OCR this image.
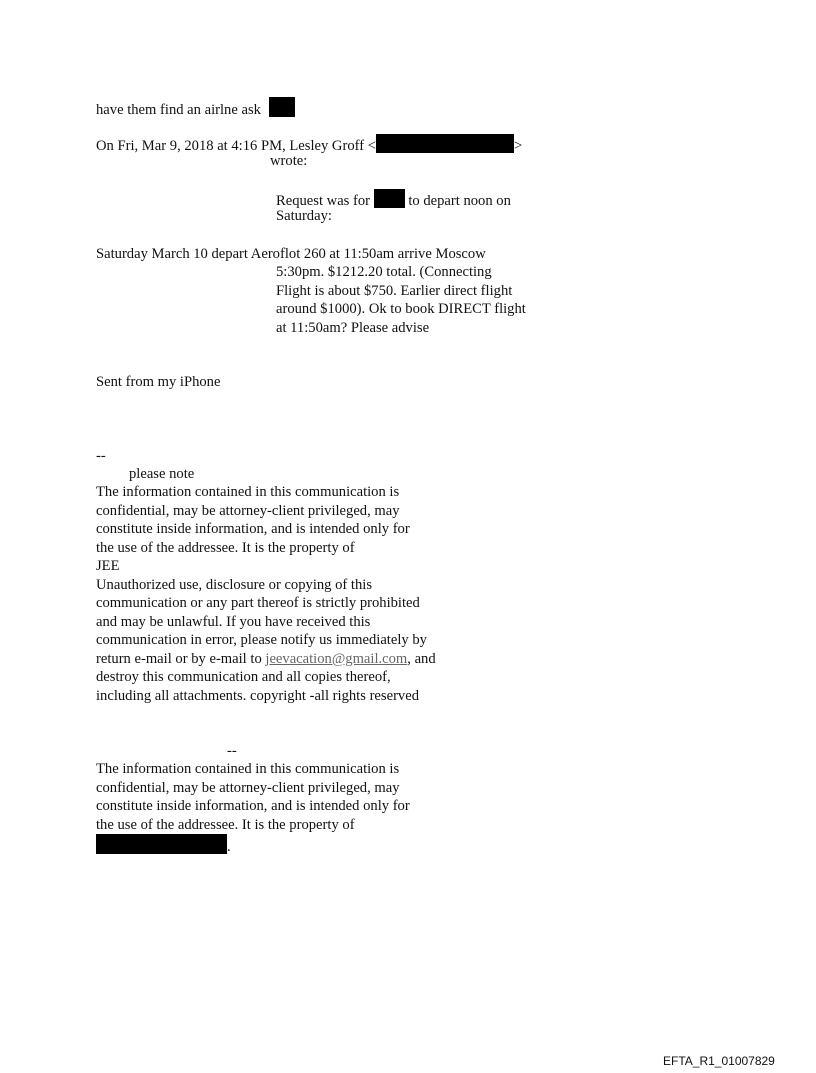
have them find an airlne ask
On Fri, Mar 9, 2018 at 4:16 PM, Lesley Groff <	>
wrote:
Request was for	to depart noon on
Saturday:
Saturday March 10 depart Aeroflot 260 at 11:50am arrive Moscow
5:30pm. $1212.20 total. (Connecting
Flight is about $750. Earlier direct flight
around $1000). Ok to book DIRECT flight
at 11:50am? Please advise
Sent from my iPhone
--
please note
The information contained in this communication is
confidential, may be attorney-client privileged, may
constitute inside information, and is intended only for
the use of the addressee. It is the property of
JEE
Unauthorized use, disclosure or copying of this
communication or any part thereof is strictly prohibited
and may be unlawful. If you have received this
communication in error, please notify us immediately by
return e-mail or by e-mail to jeevacation@gmail.com, and
destroy this communication and all copies thereof,
including all attachments. copyright -all rights reserved
--
The information contained in this communication is
confidential, may be attorney-client privileged, may
constitute inside information, and is intended only for
the use of the addressee. It is the property of
.
EFTA_R1_01007829
